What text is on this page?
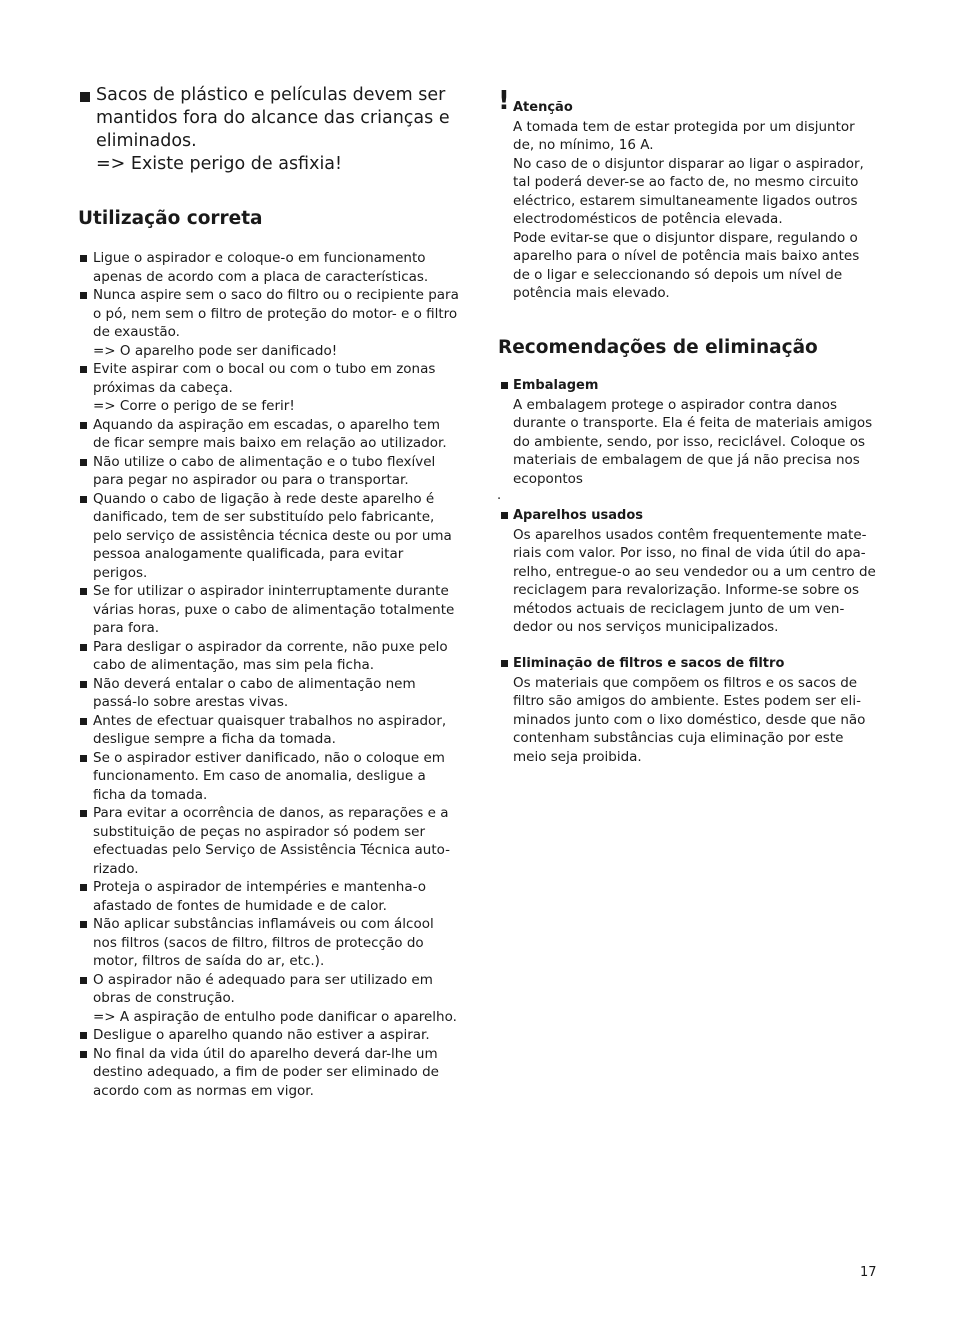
Sacos de plástico e películas devem ser mantidos fora do alcance das crianças e eliminados.
=> Existe perigo de asfixia!
Utilização correta
Ligue o aspirador e coloque-o em funcionamento apenas de acordo com a placa de características.
Nunca aspire sem o saco do filtro ou o recipiente para o pó, nem sem o filtro de proteção do motor- e o filtro de exaustão.
=> O aparelho pode ser danificado!
Evite aspirar com o bocal ou com o tubo em zonas próximas da cabeça.
=> Corre o perigo de se ferir!
Aquando da aspiração em escadas, o aparelho tem de ficar sempre mais baixo em relação ao utilizador.
Não utilize o cabo de alimentação e o tubo flexível para pegar no aspirador ou para o transportar.
Quando o cabo de ligação à rede deste aparelho é danificado, tem de ser substituído pelo fabricante, pelo serviço de assistência técnica deste ou por uma pessoa analogamente qualificada, para evitar perigos.
Se for utilizar o aspirador ininterruptamente durante várias horas, puxe o cabo de alimentação totalmente para fora.
Para desligar o aspirador da corrente, não puxe pelo cabo de alimentação, mas sim pela ficha.
Não deverá entalar o cabo de alimentação nem passá-lo sobre arestas vivas.
Antes de efectuar quaisquer trabalhos no aspirador, desligue sempre a ficha da tomada.
Se o aspirador estiver danificado, não o coloque em funcionamento. Em caso de anomalia, desligue a ficha da tomada.
Para evitar a ocorrência de danos, as reparações e a substituição de peças no aspirador só podem ser efectuadas pelo Serviço de Assistência Técnica auto-rizado.
Proteja o aspirador de intempéries e mantenha-o afastado de fontes de humidade e de calor.
Não aplicar substâncias inflamáveis ou com álcool nos filtros (sacos de filtro, filtros de protecção do motor, filtros de saída do ar, etc.).
O aspirador não é adequado para ser utilizado em obras de construção.
=> A aspiração de entulho pode danificar o aparelho.
Desligue o aparelho quando não estiver a aspirar.
No final da vida útil do aparelho deverá dar-lhe um destino adequado, a fim de poder ser eliminado de acordo com as normas em vigor.
! Atenção
A tomada tem de estar protegida por um disjuntor de, no mínimo, 16 A.
No caso de o disjuntor disparar ao ligar o aspirador, tal poderá dever-se ao facto de, no mesmo circuito eléctrico, estarem simultaneamente ligados outros electrodomésticos de potência elevada.
Pode evitar-se que o disjuntor dispare, regulando o aparelho para o nível de potência mais baixo antes de o ligar e seleccionando só depois um nível de potência mais elevado.
Recomendações de eliminação
Embalagem
A embalagem protege o aspirador contra danos durante o transporte. Ela é feita de materiais amigos do ambiente, sendo, por isso, reciclável. Coloque os materiais de embalagem de que já não precisa nos ecopontos
.
Aparelhos usados
Os aparelhos usados contêm frequentemente mate-riais com valor. Por isso, no final de vida útil do apa-relho, entregue-o ao seu vendedor ou a um centro de reciclagem para revalorização. Informe-se sobre os métodos actuais de reciclagem junto de um ven-dedor ou nos serviços municipalizados.
Eliminação de filtros e sacos de filtro
Os materiais que compõem os filtros e os sacos de filtro são amigos do ambiente. Estes podem ser eli-minados junto com o lixo doméstico, desde que não contenham substâncias cuja eliminação por este meio seja proibida.
17
